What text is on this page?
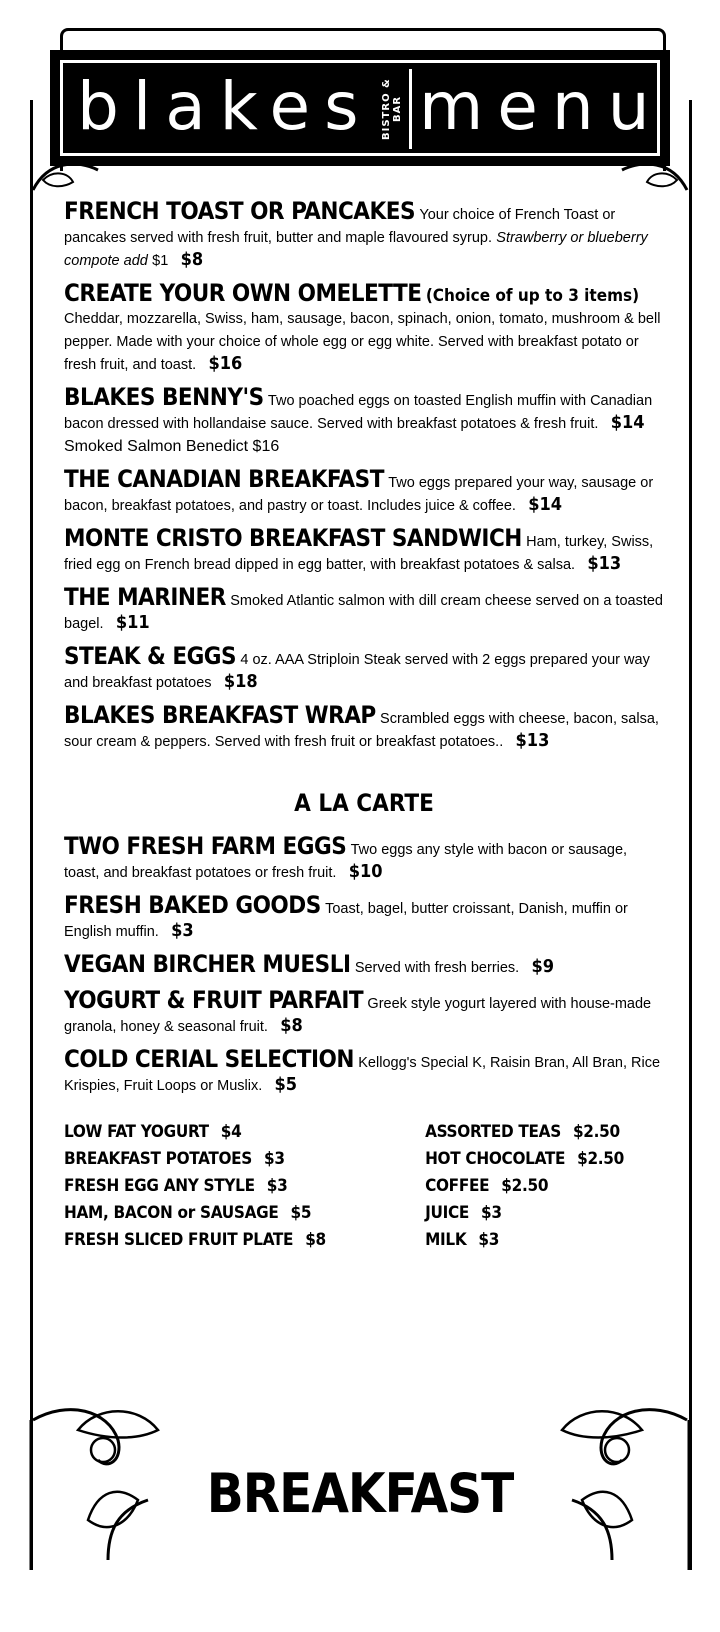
blakes BISTRO & BAR menu
FRENCH TOAST OR PANCAKES Your choice of French Toast or pancakes served with fresh fruit, butter and maple flavoured syrup. Strawberry or blueberry compote add $1 $8
CREATE YOUR OWN OMELETTE (Choice of up to 3 items) Cheddar, mozzarella, Swiss, ham, sausage, bacon, spinach, onion, tomato, mushroom & bell pepper. Made with your choice of whole egg or egg white. Served with breakfast potato or fresh fruit, and toast. $16
BLAKES BENNY'S Two poached eggs on toasted English muffin with Canadian bacon dressed with hollandaise sauce. Served with breakfast potatoes & fresh fruit. $14
Smoked Salmon Benedict $16
THE CANADIAN BREAKFAST Two eggs prepared your way, sausage or bacon, breakfast potatoes, and pastry or toast. Includes juice & coffee. $14
MONTE CRISTO BREAKFAST SANDWICH Ham, turkey, Swiss, fried egg on French bread dipped in egg batter, with breakfast potatoes & salsa. $13
THE MARINER Smoked Atlantic salmon with dill cream cheese served on a toasted bagel. $11
STEAK & EGGS 4 oz. AAA Striploin Steak served with 2 eggs prepared your way and breakfast potatoes $18
BLAKES BREAKFAST WRAP Scrambled eggs with cheese, bacon, salsa, sour cream & peppers. Served with fresh fruit or breakfast potatoes.. $13
A LA CARTE
TWO FRESH FARM EGGS Two eggs any style with bacon or sausage, toast, and breakfast potatoes or fresh fruit. $10
FRESH BAKED GOODS Toast, bagel, butter croissant, Danish, muffin or English muffin. $3
VEGAN BIRCHER MUESLI Served with fresh berries. $9
YOGURT & FRUIT PARFAIT Greek style yogurt layered with house-made granola, honey & seasonal fruit. $8
COLD CERIAL SELECTION Kellogg's Special K, Raisin Bran, All Bran, Rice Krispies, Fruit Loops or Muslix. $5
LOW FAT YOGURT $4
BREAKFAST POTATOES $3
FRESH EGG ANY STYLE $3
HAM, BACON or SAUSAGE $5
FRESH SLICED FRUIT PLATE $8
ASSORTED TEAS $2.50
HOT CHOCOLATE $2.50
COFFEE $2.50
JUICE $3
MILK $3
BREAKFAST
